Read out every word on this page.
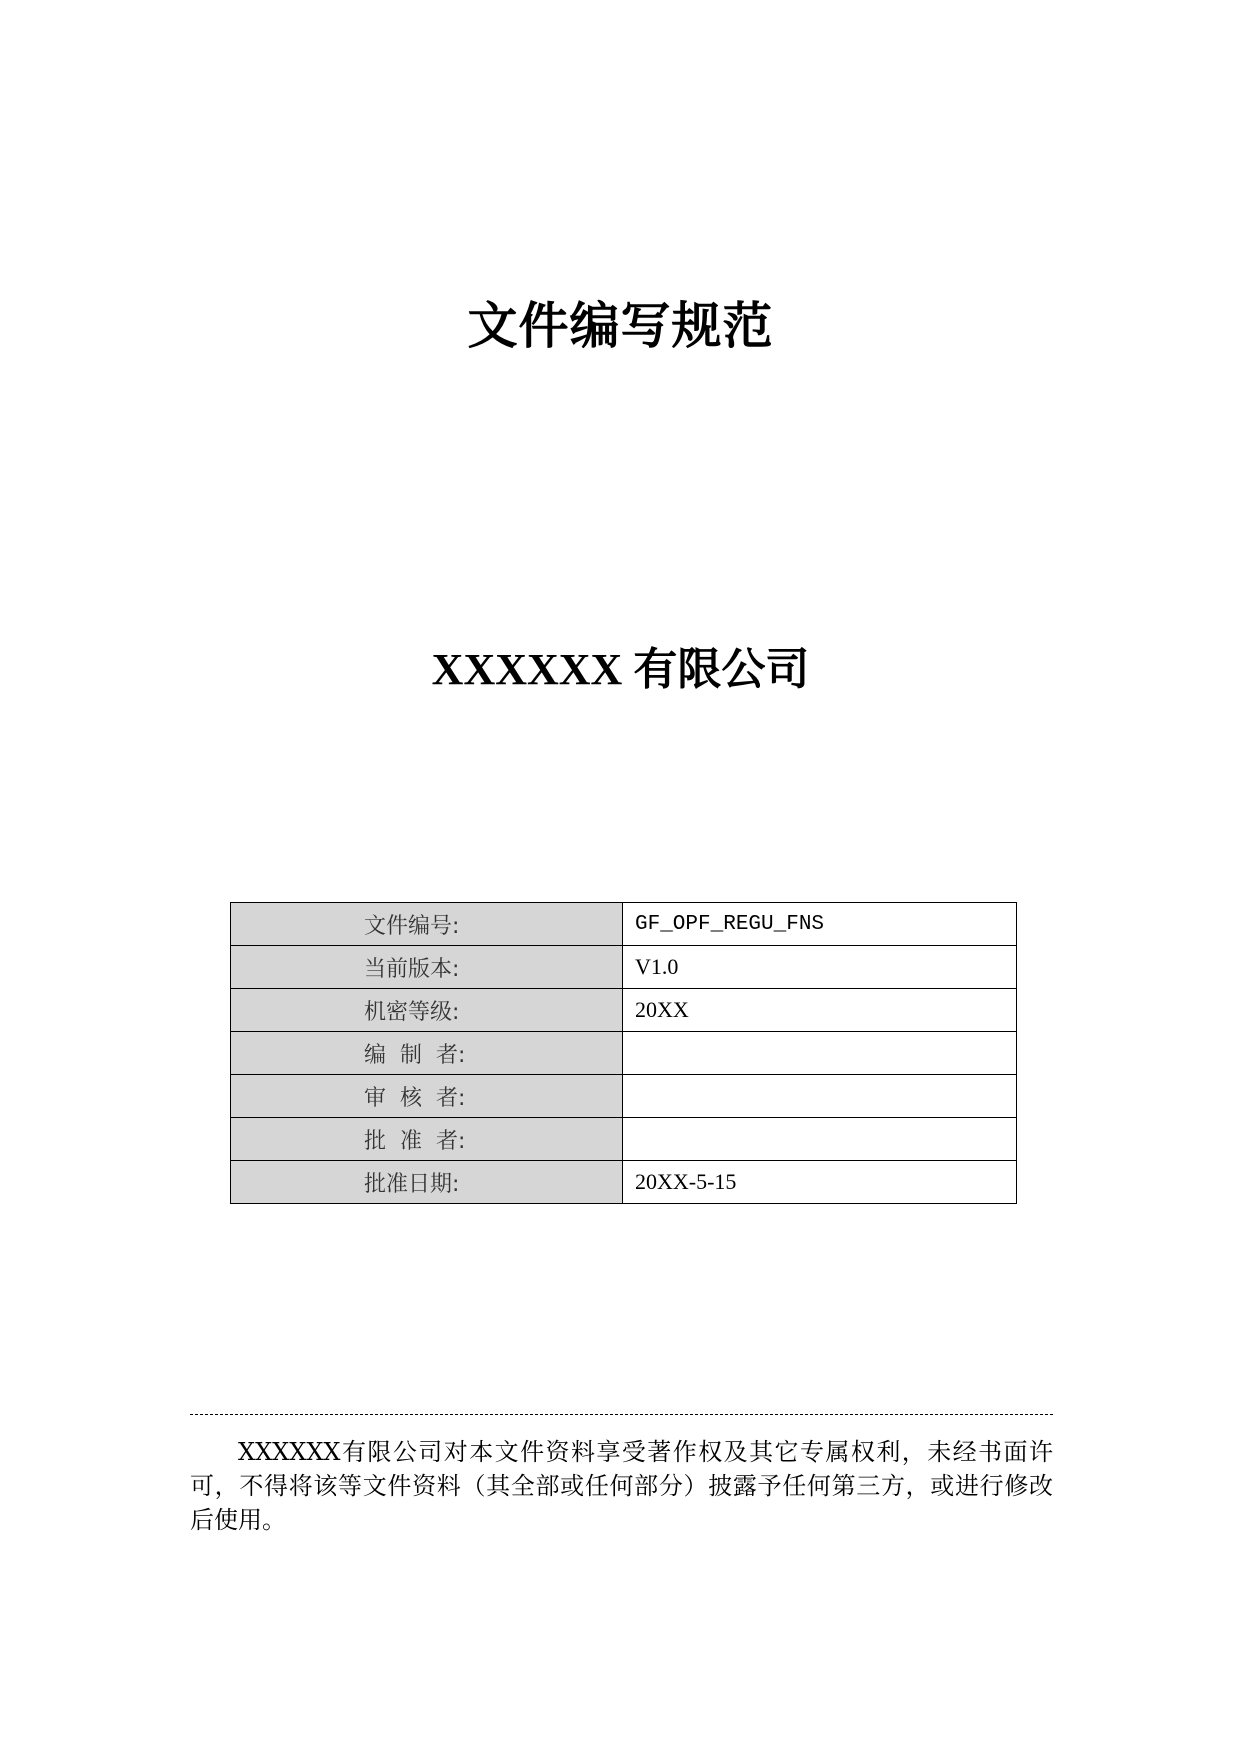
文件编写规范
XXXXXX 有限公司
文件编号:	GF_OPF_REGU_FNS
当前版本:	V1.0
机密等级:	20XX
编  制  者:	
审  核  者:	
批  准  者:	
批准日期:	20XX-5-15
XXXXXX有限公司对本文件资料享受著作权及其它专属权利，未经书面许可，不得将该等文件资料（其全部或任何部分）披露予任何第三方，或进行修改后使用。
